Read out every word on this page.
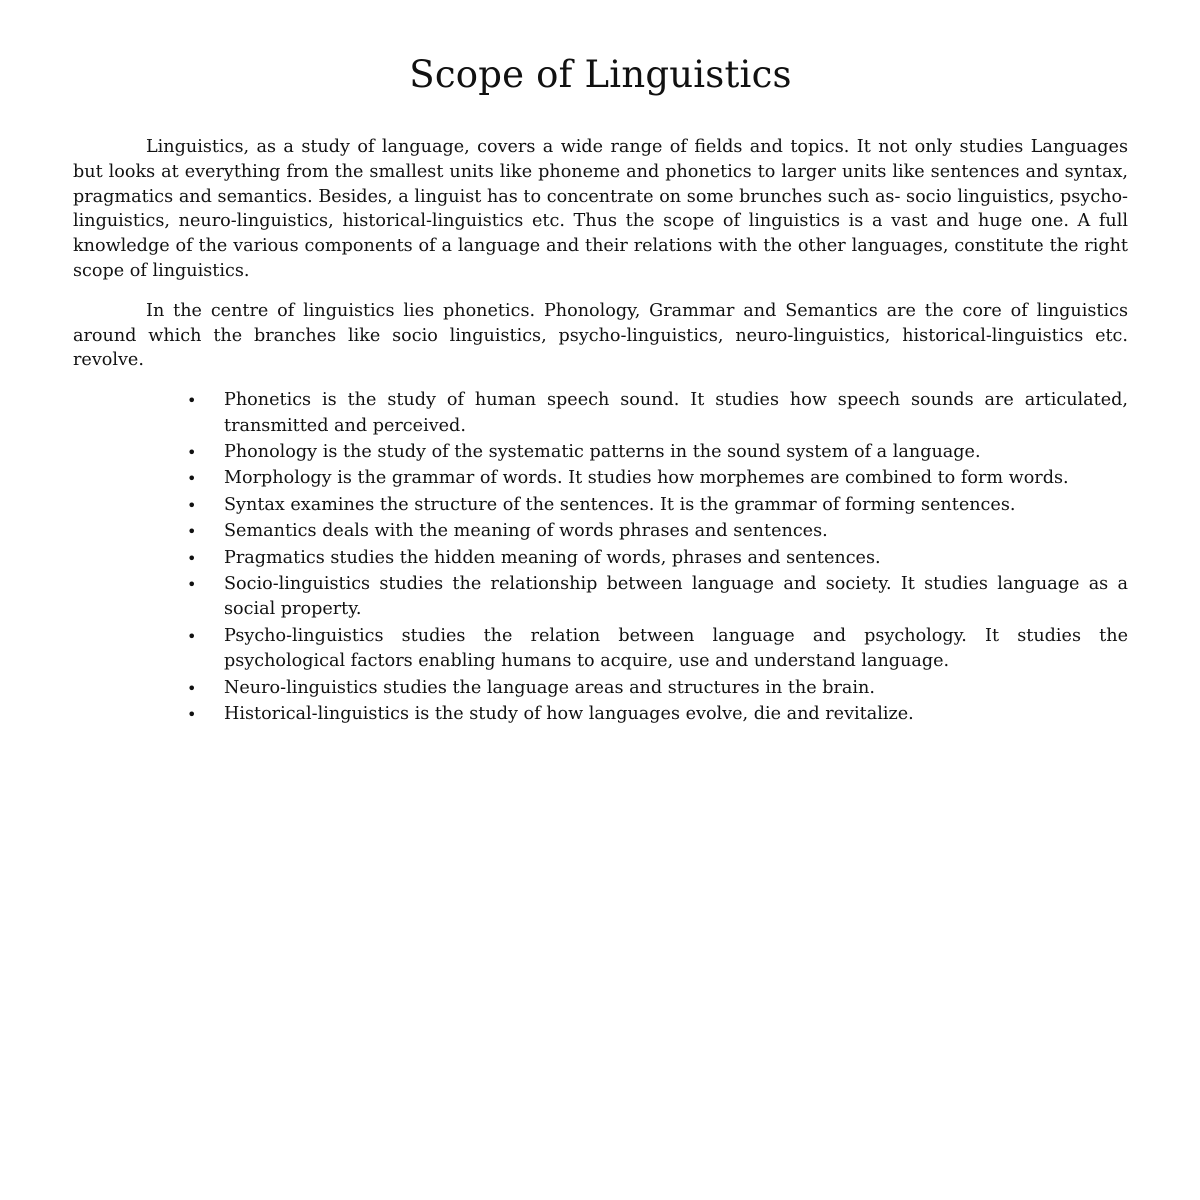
Scope of Linguistics

Linguistics, as a study of language, covers a wide range of fields and topics. It not only studies Languages but looks at everything from the smallest units like phoneme and phonetics to larger units like sentences and syntax, pragmatics and semantics. Besides, a linguist has to concentrate on some brunches such as- socio linguistics, psycho-linguistics, neuro-linguistics, historical-linguistics etc. Thus the scope of linguistics is a vast and huge one. A full knowledge of the various components of a language and their relations with the other languages, constitute the right scope of linguistics.

In the centre of linguistics lies phonetics. Phonology, Grammar and Semantics are the core of linguistics around which the branches like socio linguistics, psycho-linguistics, neuro-linguistics, historical-linguistics etc. revolve.

• Phonetics is the study of human speech sound. It studies how speech sounds are articulated, transmitted and perceived.
• Phonology is the study of the systematic patterns in the sound system of a language.
• Morphology is the grammar of words. It studies how morphemes are combined to form words.
• Syntax examines the structure of the sentences. It is the grammar of forming sentences.
• Semantics deals with the meaning of words phrases and sentences.
• Pragmatics studies the hidden meaning of words, phrases and sentences.
• Socio-linguistics studies the relationship between language and society. It studies language as a social property.
• Psycho-linguistics studies the relation between language and psychology. It studies the psychological factors enabling humans to acquire, use and understand language.
• Neuro-linguistics studies the language areas and structures in the brain.
• Historical-linguistics is the study of how languages evolve, die and revitalize.
